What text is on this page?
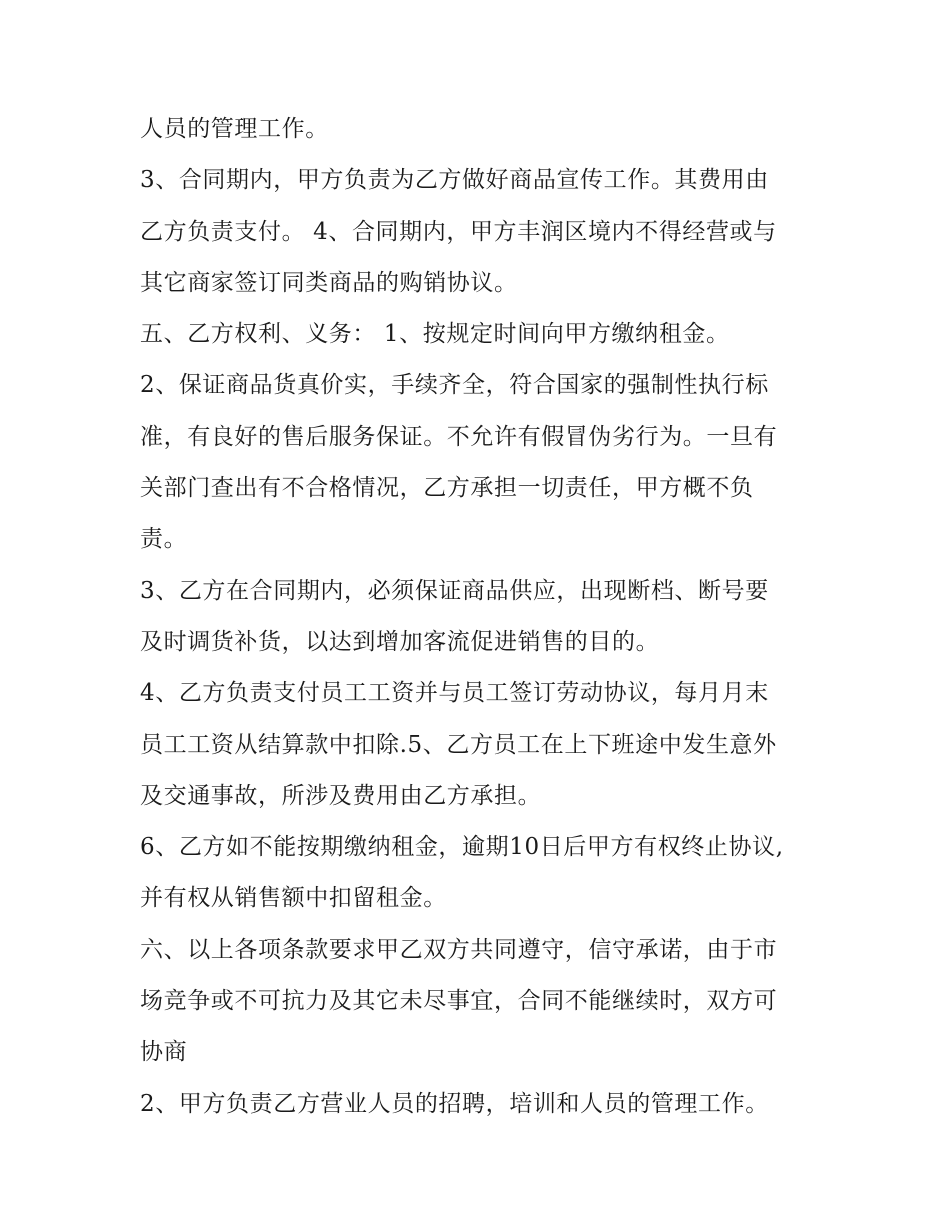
人员的管理工作。
3、合同期内，甲方负责为乙方做好商品宣传工作。其费用由
乙方负责支付。 4、合同期内，甲方丰润区境内不得经营或与
其它商家签订同类商品的购销协议。
五、乙方权利、义务： 1、按规定时间向甲方缴纳租金。
2、保证商品货真价实，手续齐全，符合国家的强制性执行标
准，有良好的售后服务保证。不允许有假冒伪劣行为。一旦有
关部门查出有不合格情况，乙方承担一切责任，甲方概不负
责。
3、乙方在合同期内，必须保证商品供应，出现断档、断号要
及时调货补货，以达到增加客流促进销售的目的。
4、乙方负责支付员工工资并与员工签订劳动协议，每月月末
员工工资从结算款中扣除.5、乙方员工在上下班途中发生意外
及交通事故，所涉及费用由乙方承担。
6、乙方如不能按期缴纳租金，逾期10日后甲方有权终止协议,
并有权从销售额中扣留租金。
六、以上各项条款要求甲乙双方共同遵守，信守承诺，由于市
场竞争或不可抗力及其它未尽事宜，合同不能继续时，双方可
协商
2、甲方负责乙方营业人员的招聘，培训和人员的管理工作。
